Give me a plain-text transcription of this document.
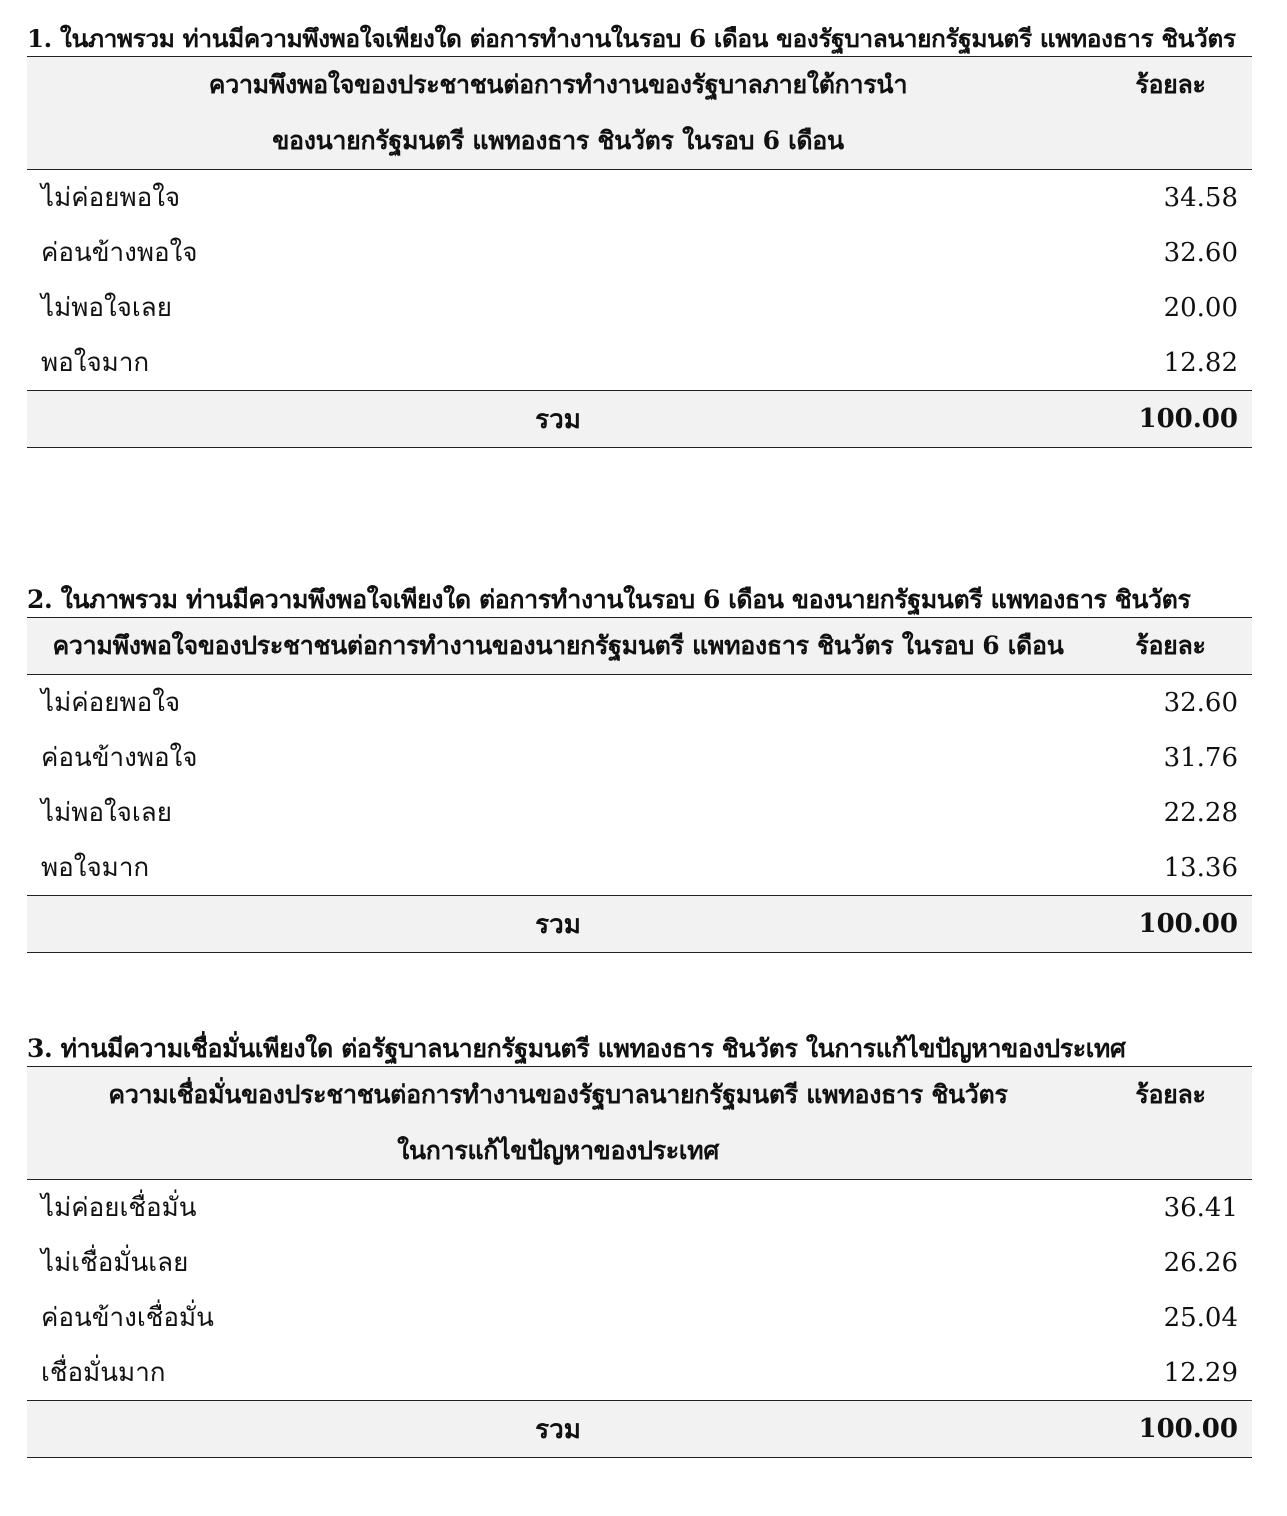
1. ในภาพรวม ท่านมีความพึงพอใจเพียงใด ต่อการทำงานในรอบ 6 เดือน ของรัฐบาลนายกรัฐมนตรี แพทองธาร ชินวัตร
ความพึงพอใจของประชาชนต่อการทำงานของรัฐบาลภายใต้การนำ
ของนายกรัฐมนตรี แพทองธาร ชินวัตร ในรอบ 6 เดือน	ร้อยละ
ไม่ค่อยพอใจ	34.58
ค่อนข้างพอใจ	32.60
ไม่พอใจเลย	20.00
พอใจมาก	12.82
รวม	100.00
2. ในภาพรวม ท่านมีความพึงพอใจเพียงใด ต่อการทำงานในรอบ 6 เดือน ของนายกรัฐมนตรี แพทองธาร ชินวัตร
ความพึงพอใจของประชาชนต่อการทำงานของนายกรัฐมนตรี แพทองธาร ชินวัตร ในรอบ 6 เดือน	ร้อยละ
ไม่ค่อยพอใจ	32.60
ค่อนข้างพอใจ	31.76
ไม่พอใจเลย	22.28
พอใจมาก	13.36
รวม	100.00
3. ท่านมีความเชื่อมั่นเพียงใด ต่อรัฐบาลนายกรัฐมนตรี แพทองธาร ชินวัตร ในการแก้ไขปัญหาของประเทศ
ความเชื่อมั่นของประชาชนต่อการทำงานของรัฐบาลนายกรัฐมนตรี แพทองธาร ชินวัตร
ในการแก้ไขปัญหาของประเทศ	ร้อยละ
ไม่ค่อยเชื่อมั่น	36.41
ไม่เชื่อมั่นเลย	26.26
ค่อนข้างเชื่อมั่น	25.04
เชื่อมั่นมาก	12.29
รวม	100.00
